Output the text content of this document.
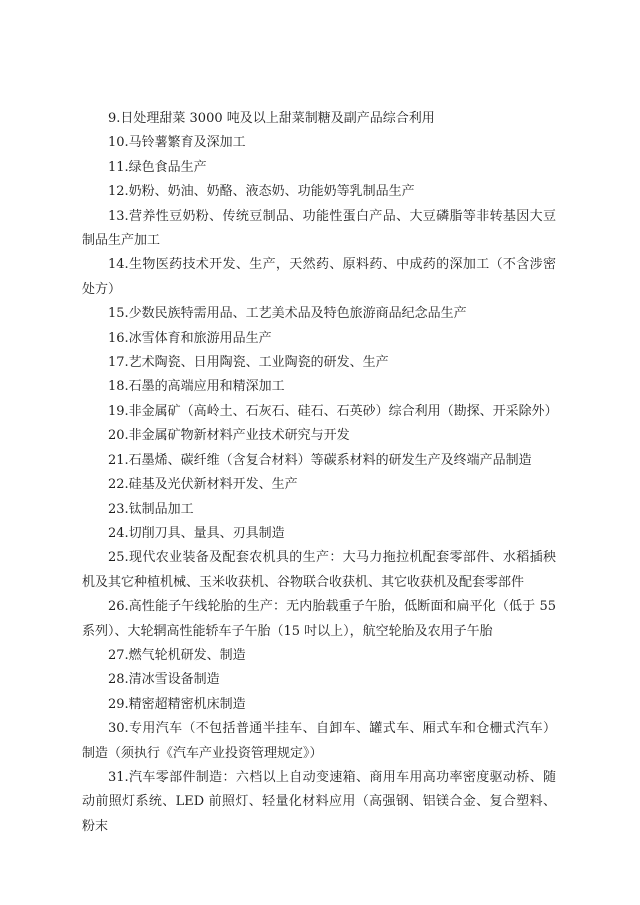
9.日处理甜菜 3000 吨及以上甜菜制糖及副产品综合利用

10.马铃薯繁育及深加工

11.绿色食品生产

12.奶粉、奶油、奶酪、液态奶、功能奶等乳制品生产

13.营养性豆奶粉、传统豆制品、功能性蛋白产品、大豆磷脂等非转基因大豆制品生产加工

14.生物医药技术开发、生产，天然药、原料药、中成药的深加工（不含涉密处方）

15.少数民族特需用品、工艺美术品及特色旅游商品纪念品生产

16.冰雪体育和旅游用品生产

17.艺术陶瓷、日用陶瓷、工业陶瓷的研发、生产

18.石墨的高端应用和精深加工

19.非金属矿（高岭土、石灰石、硅石、石英砂）综合利用（勘探、开采除外）

20.非金属矿物新材料产业技术研究与开发

21.石墨烯、碳纤维（含复合材料）等碳系材料的研发生产及终端产品制造

22.硅基及光伏新材料开发、生产

23.钛制品加工

24.切削刀具、量具、刃具制造

25.现代农业装备及配套农机具的生产：大马力拖拉机配套零部件、水稻插秧机及其它种植机械、玉米收获机、谷物联合收获机、其它收获机及配套零部件

26.高性能子午线轮胎的生产：无内胎载重子午胎，低断面和扁平化（低于 55 系列）、大轮辋高性能轿车子午胎（15 吋以上），航空轮胎及农用子午胎

27.燃气轮机研发、制造

28.清冰雪设备制造

29.精密超精密机床制造

30.专用汽车（不包括普通半挂车、自卸车、罐式车、厢式车和仓栅式汽车）制造（须执行《汽车产业投资管理规定》）

31.汽车零部件制造：六档以上自动变速箱、商用车用高功率密度驱动桥、随动前照灯系统、LED 前照灯、轻量化材料应用（高强钢、铝镁合金、复合塑料、粉末
